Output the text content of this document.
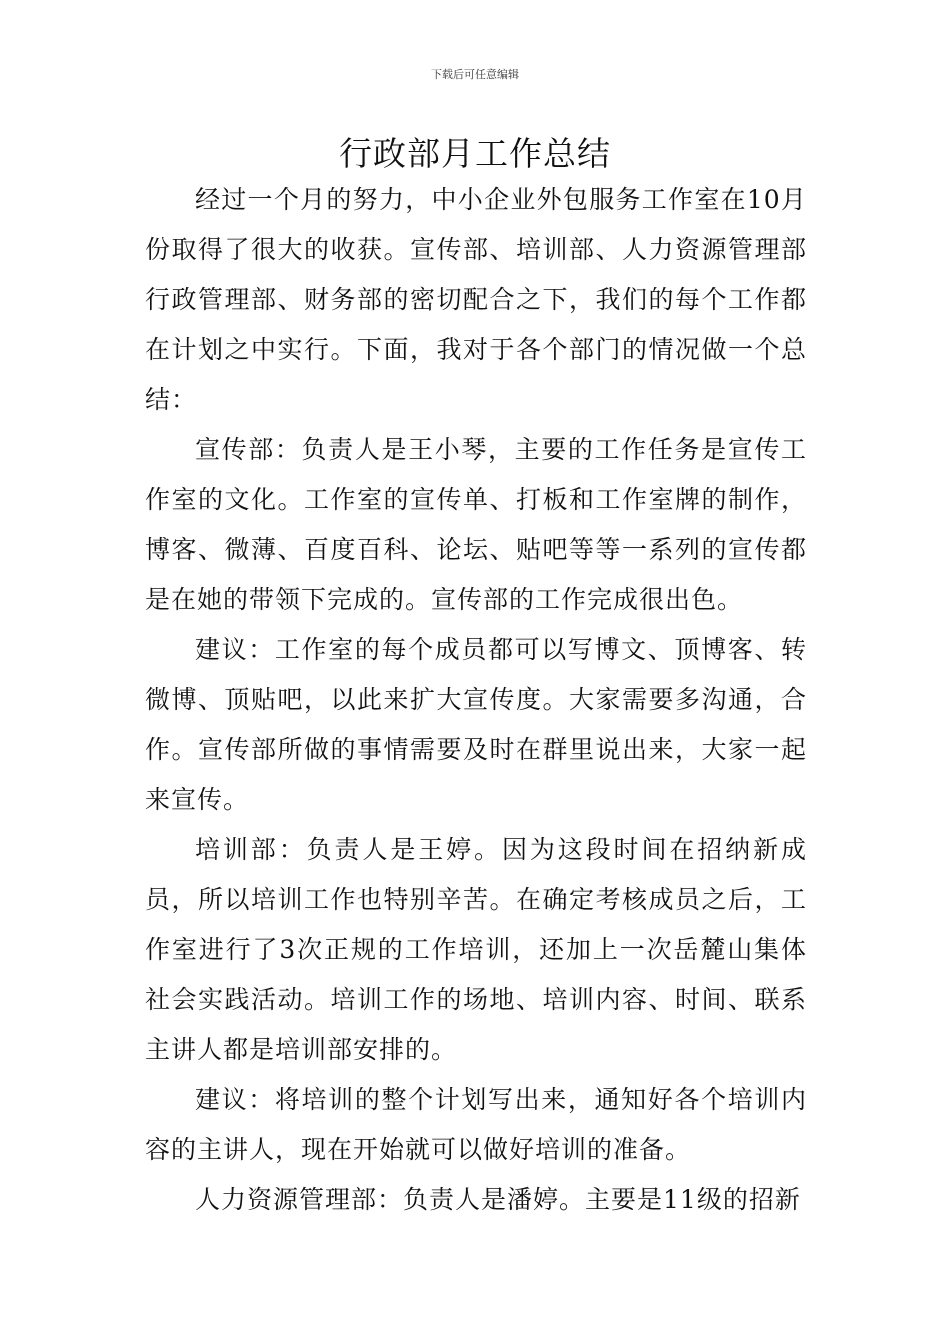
下载后可任意编辑
行政部月工作总结

经过一个月的努力，中小企业外包服务工作室在10月份取得了很大的收获。宣传部、培训部、人力资源管理部行政管理部、财务部的密切配合之下，我们的每个工作都在计划之中实行。下面，我对于各个部门的情况做一个总结：

宣传部：负责人是王小琴，主要的工作任务是宣传工作室的文化。工作室的宣传单、打板和工作室牌的制作，博客、微薄、百度百科、论坛、贴吧等等一系列的宣传都是在她的带领下完成的。宣传部的工作完成很出色。

建议：工作室的每个成员都可以写博文、顶博客、转微博、顶贴吧，以此来扩大宣传度。大家需要多沟通，合作。宣传部所做的事情需要及时在群里说出来，大家一起来宣传。

培训部：负责人是王婷。因为这段时间在招纳新成员，所以培训工作也特别辛苦。在确定考核成员之后，工作室进行了3次正规的工作培训，还加上一次岳麓山集体社会实践活动。培训工作的场地、培训内容、时间、联系主讲人都是培训部安排的。

建议：将培训的整个计划写出来，通知好各个培训内容的主讲人，现在开始就可以做好培训的准备。

人力资源管理部：负责人是潘婷。主要是11级的招新
